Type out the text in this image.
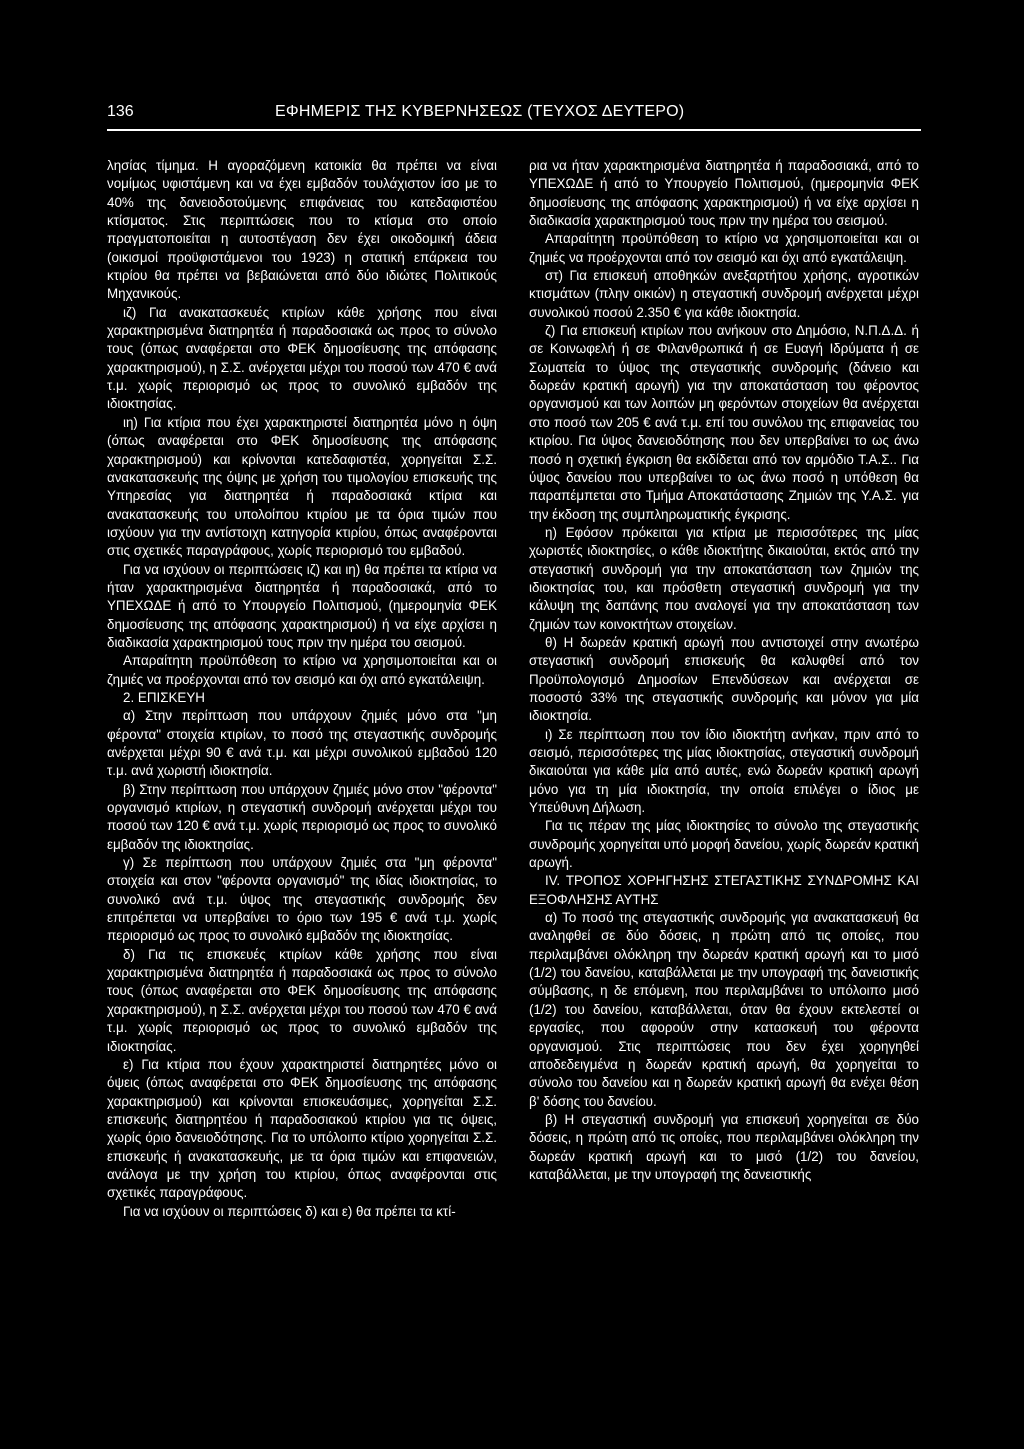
136	ΕΦΗΜΕΡΙΣ ΤΗΣ ΚΥΒΕΡΝΗΣΕΩΣ (ΤΕΥΧΟΣ ΔΕΥΤΕΡΟ)

λησίας τίμημα. Η αγοραζόμενη κατοικία θα πρέπει να είναι νομίμως υφιστάμενη και να έχει εμβαδόν τουλάχιστον ίσο με το 40% της δανειοδοτούμενης επιφάνειας του κατεδαφιστέου κτίσματος. Στις περιπτώσεις που το κτίσμα στο οποίο πραγματοποιείται η αυτοστέγαση δεν έχει οικοδομική άδεια (οικισμοί προϋφιστάμενοι του 1923) η στατική επάρκεια του κτιρίου θα πρέπει να βεβαιώνεται από δύο ιδιώτες Πολιτικούς Μηχανικούς.

ιζ) Για ανακατασκευές κτιρίων κάθε χρήσης που είναι χαρακτηρισμένα διατηρητέα ή παραδοσιακά ως προς το σύνολο τους (όπως αναφέρεται στο ΦΕΚ δημοσίευσης της απόφασης χαρακτηρισμού), η Σ.Σ. ανέρχεται μέχρι του ποσού των 470 € ανά τ.μ. χωρίς περιορισμό ως προς το συνολικό εμβαδόν της ιδιοκτησίας.

ιη) Για κτίρια που έχει χαρακτηριστεί διατηρητέα μόνο η όψη (όπως αναφέρεται στο ΦΕΚ δημοσίευσης της απόφασης χαρακτηρισμού) και κρίνονται κατεδαφιστέα, χορηγείται Σ.Σ. ανακατασκευής της όψης με χρήση του τιμολογίου επισκευής της Υπηρεσίας για διατηρητέα ή παραδοσιακά κτίρια και ανακατασκευής του υπολοίπου κτιρίου με τα όρια τιμών που ισχύουν για την αντίστοιχη κατηγορία κτιρίου, όπως αναφέρονται στις σχετικές παραγράφους, χωρίς περιορισμό του εμβαδού.

Για να ισχύουν οι περιπτώσεις ιζ) και ιη) θα πρέπει τα κτίρια να ήταν χαρακτηρισμένα διατηρητέα ή παραδοσιακά, από το ΥΠΕΧΩΔΕ ή από το Υπουργείο Πολιτισμού, (ημερομηνία ΦΕΚ δημοσίευσης της απόφασης χαρακτηρισμού) ή να είχε αρχίσει η διαδικασία χαρακτηρισμού τους πριν την ημέρα του σεισμού.

Απαραίτητη προϋπόθεση το κτίριο να χρησιμοποιείται και οι ζημιές να προέρχονται από τον σεισμό και όχι από εγκατάλειψη.

2. ΕΠΙΣΚΕΥΗ

α) Στην περίπτωση που υπάρχουν ζημιές μόνο στα "μη φέροντα" στοιχεία κτιρίων, το ποσό της στεγαστικής συνδρομής ανέρχεται μέχρι 90 € ανά τ.μ. και μέχρι συνολικού εμβαδού 120 τ.μ. ανά χωριστή ιδιοκτησία.

β) Στην περίπτωση που υπάρχουν ζημιές μόνο στον "φέροντα" οργανισμό κτιρίων, η στεγαστική συνδρομή ανέρχεται μέχρι του ποσού των 120 € ανά τ.μ. χωρίς περιορισμό ως προς το συνολικό εμβαδόν της ιδιοκτησίας.

γ) Σε περίπτωση που υπάρχουν ζημιές στα "μη φέροντα" στοιχεία και στον "φέροντα οργανισμό" της ιδίας ιδιοκτησίας, το συνολικό ανά τ.μ. ύψος της στεγαστικής συνδρομής δεν επιτρέπεται να υπερβαίνει το όριο των 195 € ανά τ.μ. χωρίς περιορισμό ως προς το συνολικό εμβαδόν της ιδιοκτησίας.

δ) Για τις επισκευές κτιρίων κάθε χρήσης που είναι χαρακτηρισμένα διατηρητέα ή παραδοσιακά ως προς το σύνολο τους (όπως αναφέρεται στο ΦΕΚ δημοσίευσης της απόφασης χαρακτηρισμού), η Σ.Σ. ανέρχεται μέχρι του ποσού των 470 € ανά τ.μ. χωρίς περιορισμό ως προς το συνολικό εμβαδόν της ιδιοκτησίας.

ε) Για κτίρια που έχουν χαρακτηριστεί διατηρητέες μόνο οι όψεις (όπως αναφέρεται στο ΦΕΚ δημοσίευσης της απόφασης χαρακτηρισμού) και κρίνονται επισκευάσιμες, χορηγείται Σ.Σ. επισκευής διατηρητέου ή παραδοσιακού κτιρίου για τις όψεις, χωρίς όριο δανειοδότησης. Για το υπόλοιπο κτίριο χορηγείται Σ.Σ. επισκευής ή ανακατασκευής, με τα όρια τιμών και επιφανειών, ανάλογα με την χρήση του κτιρίου, όπως αναφέρονται στις σχετικές παραγράφους.

Για να ισχύουν οι περιπτώσεις δ) και ε) θα πρέπει τα κτί-

ρια να ήταν χαρακτηρισμένα διατηρητέα ή παραδοσιακά, από το ΥΠΕΧΩΔΕ ή από το Υπουργείο Πολιτισμού, (ημερομηνία ΦΕΚ δημοσίευσης της απόφασης χαρακτηρισμού) ή να είχε αρχίσει η διαδικασία χαρακτηρισμού τους πριν την ημέρα του σεισμού.

Απαραίτητη προϋπόθεση το κτίριο να χρησιμοποιείται και οι ζημιές να προέρχονται από τον σεισμό και όχι από εγκατάλειψη.

στ) Για επισκευή αποθηκών ανεξαρτήτου χρήσης, αγροτικών κτισμάτων (πλην οικιών) η στεγαστική συνδρομή ανέρχεται μέχρι συνολικού ποσού 2.350 € για κάθε ιδιοκτησία.

ζ) Για επισκευή κτιρίων που ανήκουν στο Δημόσιο, Ν.Π.Δ.Δ. ή σε Κοινωφελή ή σε Φιλανθρωπικά ή σε Ευαγή Ιδρύματα ή σε Σωματεία το ύψος της στεγαστικής συνδρομής (δάνειο και δωρεάν κρατική αρωγή) για την αποκατάσταση του φέροντος οργανισμού και των λοιπών μη φερόντων στοιχείων θα ανέρχεται στο ποσό των 205 € ανά τ.μ. επί του συνόλου της επιφανείας του κτιρίου. Για ύψος δανειοδότησης που δεν υπερβαίνει το ως άνω ποσό η σχετική έγκριση θα εκδίδεται από τον αρμόδιο Τ.Α.Σ.. Για ύψος δανείου που υπερβαίνει το ως άνω ποσό η υπόθεση θα παραπέμπεται στο Τμήμα Αποκατάστασης Ζημιών της Υ.Α.Σ. για την έκδοση της συμπληρωματικής έγκρισης.

η) Εφόσον πρόκειται για κτίρια με περισσότερες της μίας χωριστές ιδιοκτησίες, ο κάθε ιδιοκτήτης δικαιούται, εκτός από την στεγαστική συνδρομή για την αποκατάσταση των ζημιών της ιδιοκτησίας του, και πρόσθετη στεγαστική συνδρομή για την κάλυψη της δαπάνης που αναλογεί για την αποκατάσταση των ζημιών των κοινοκτήτων στοιχείων.

θ) Η δωρεάν κρατική αρωγή που αντιστοιχεί στην ανωτέρω στεγαστική συνδρομή επισκευής θα καλυφθεί από τον Προϋπολογισμό Δημοσίων Επενδύσεων και ανέρχεται σε ποσοστό 33% της στεγαστικής συνδρομής και μόνον για μία ιδιοκτησία.

ι) Σε περίπτωση που τον ίδιο ιδιοκτήτη ανήκαν, πριν από το σεισμό, περισσότερες της μίας ιδιοκτησίας, στεγαστική συνδρομή δικαιούται για κάθε μία από αυτές, ενώ δωρεάν κρατική αρωγή μόνο για τη μία ιδιοκτησία, την οποία επιλέγει ο ίδιος με Υπεύθυνη Δήλωση.

Για τις πέραν της μίας ιδιοκτησίες το σύνολο της στεγαστικής συνδρομής χορηγείται υπό μορφή δανείου, χωρίς δωρεάν κρατική αρωγή.

IV. ΤΡΟΠΟΣ ΧΟΡΗΓΗΣΗΣ ΣΤΕΓΑΣΤΙΚΗΣ ΣΥΝΔΡΟΜΗΣ ΚΑΙ ΕΞΟΦΛΗΣΗΣ ΑΥΤΗΣ

α) Το ποσό της στεγαστικής συνδρομής για ανακατασκευή θα αναληφθεί σε δύο δόσεις, η πρώτη από τις οποίες, που περιλαμβάνει ολόκληρη την δωρεάν κρατική αρωγή και το μισό (1/2) του δανείου, καταβάλλεται με την υπογραφή της δανειστικής σύμβασης, η δε επόμενη, που περιλαμβάνει το υπόλοιπο μισό (1/2) του δανείου, καταβάλλεται, όταν θα έχουν εκτελεστεί οι εργασίες, που αφορούν στην κατασκευή του φέροντα οργανισμού. Στις περιπτώσεις που δεν έχει χορηγηθεί αποδεδειγμένα η δωρεάν κρατική αρωγή, θα χορηγείται το σύνολο του δανείου και η δωρεάν κρατική αρωγή θα ενέχει θέση β' δόσης του δανείου.

β) Η στεγαστική συνδρομή για επισκευή χορηγείται σε δύο δόσεις, η πρώτη από τις οποίες, που περιλαμβάνει ολόκληρη την δωρεάν κρατική αρωγή και το μισό (1/2) του δανείου, καταβάλλεται, με την υπογραφή της δανειστικής
